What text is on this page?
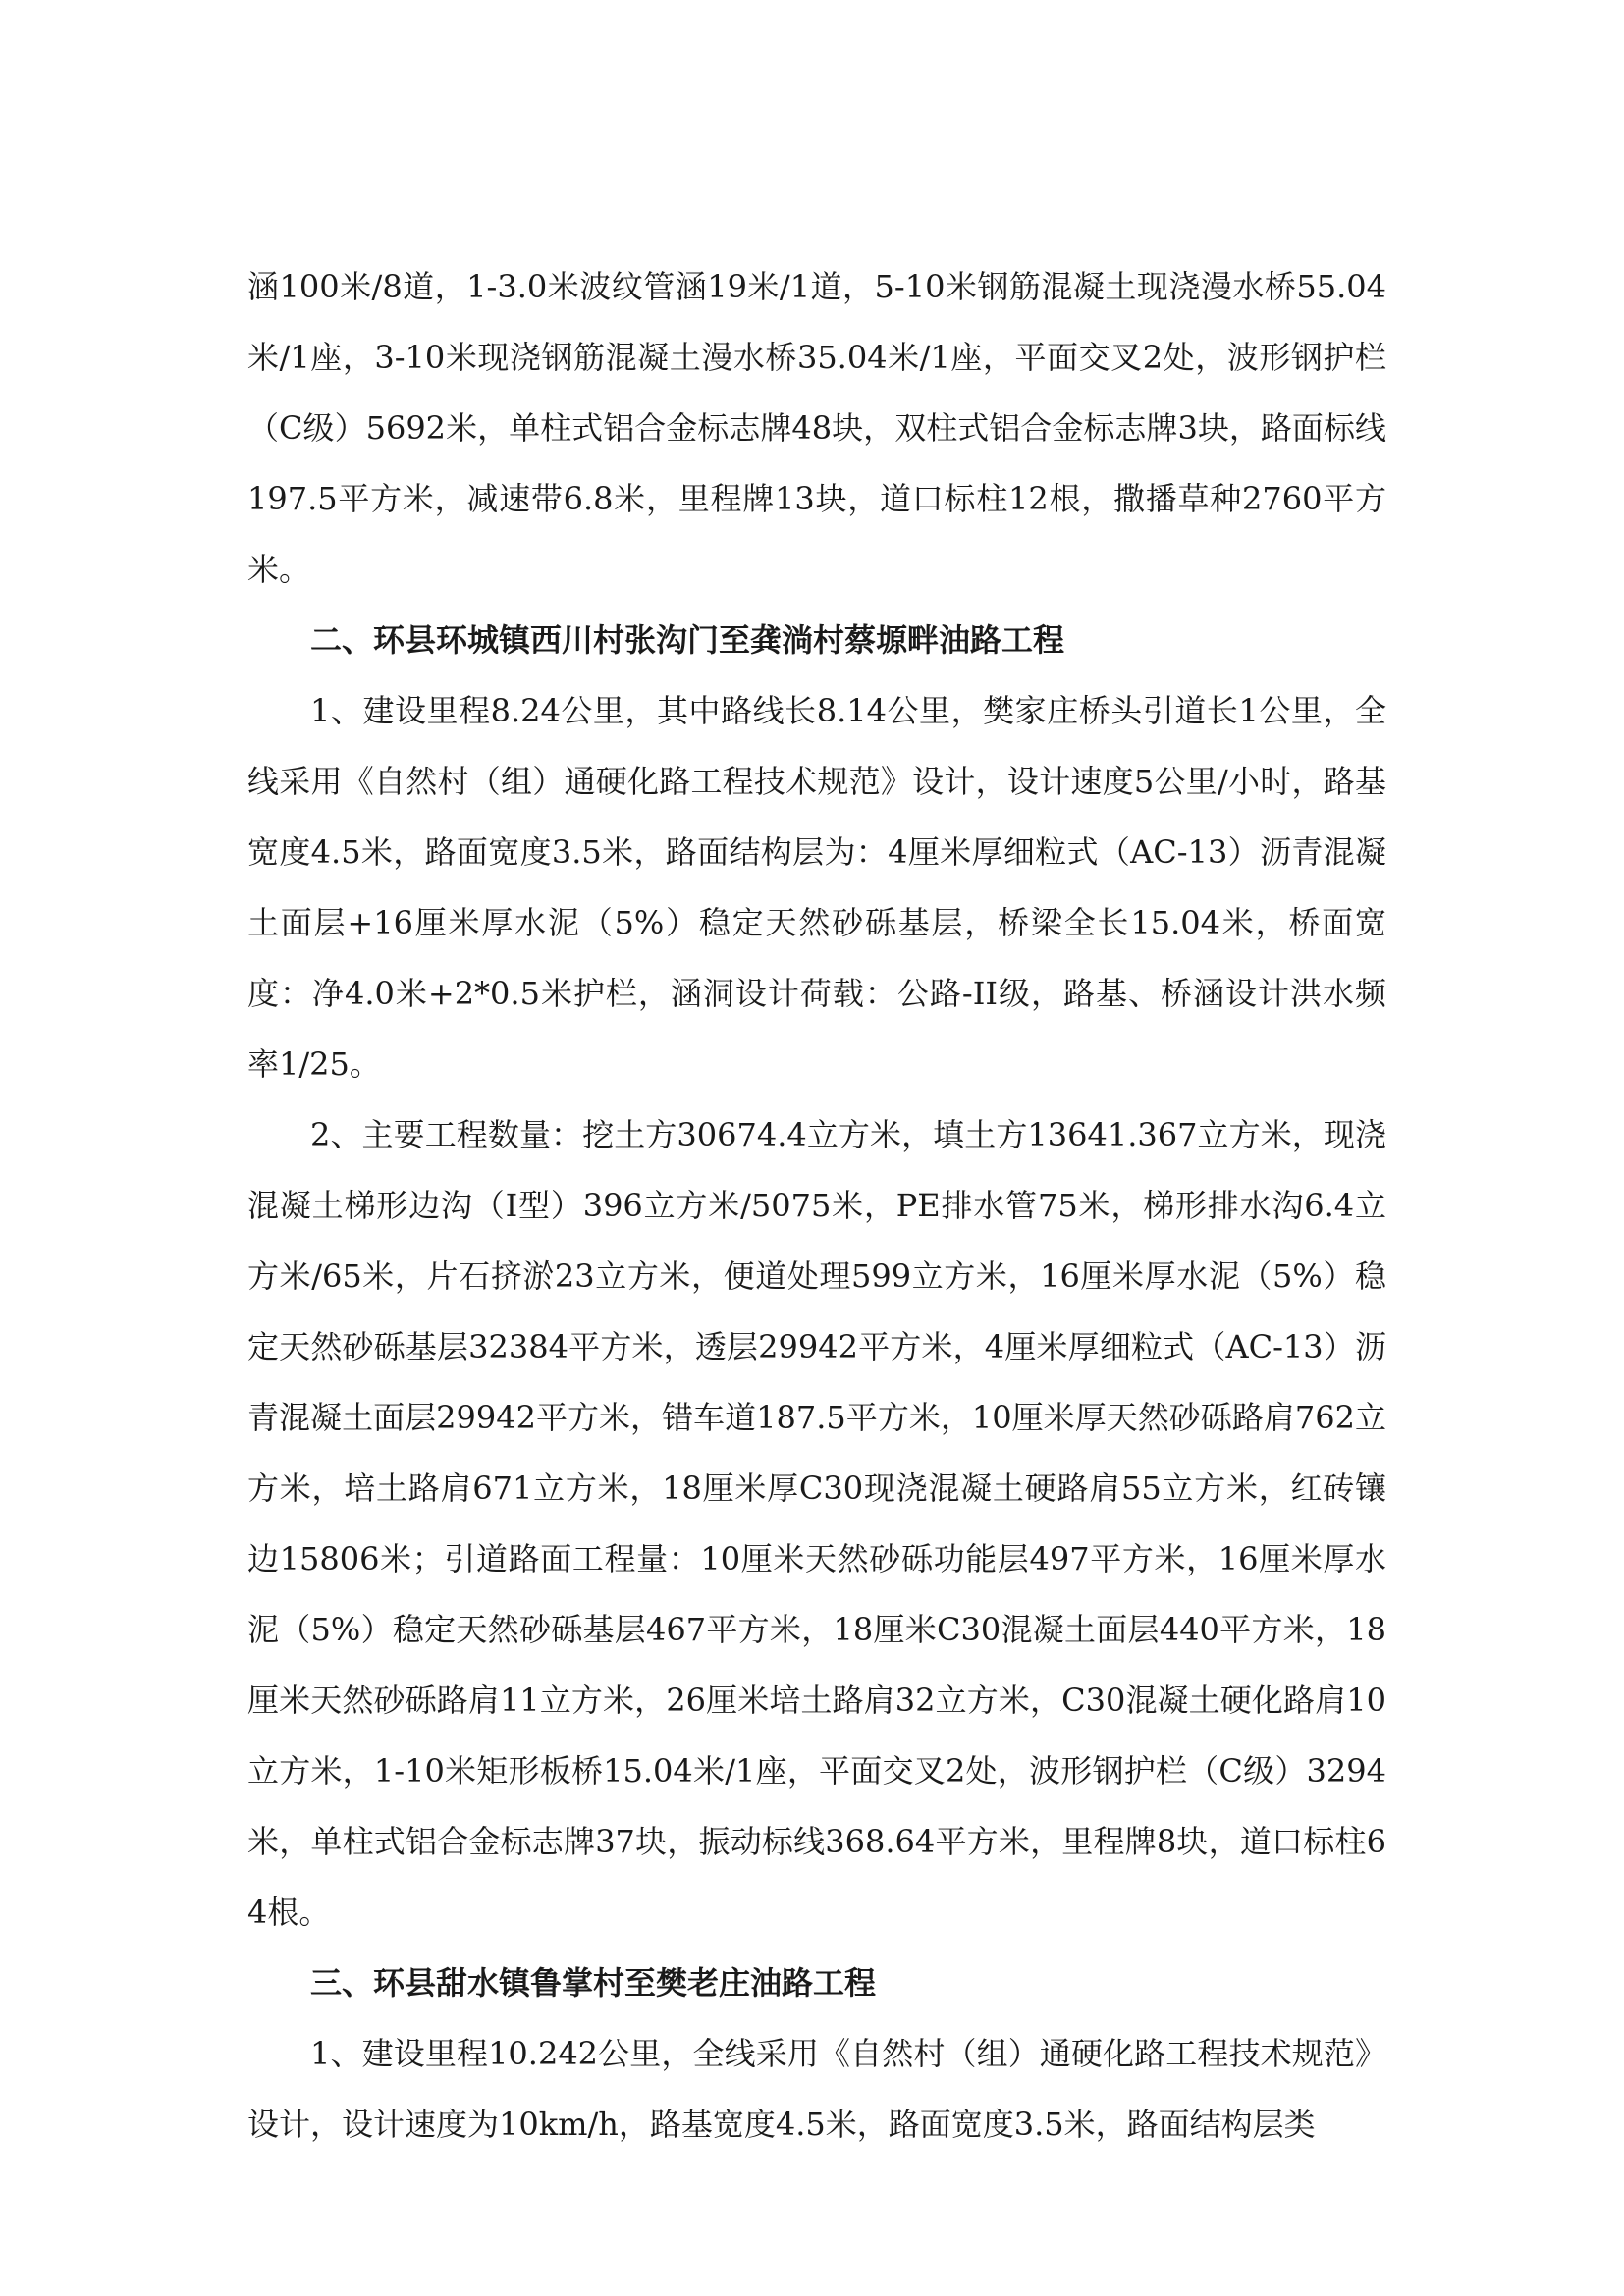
涵100米/8道，1-3.0米波纹管涵19米/1道，5-10米钢筋混凝土现浇漫水桥55.04米/1座，3-10米现浇钢筋混凝土漫水桥35.04米/1座，平面交叉2处，波形钢护栏（C级）5692米，单柱式铝合金标志牌48块，双柱式铝合金标志牌3块，路面标线197.5平方米，减速带6.8米，里程牌13块，道口标柱12根，撒播草种2760平方米。

二、环县环城镇西川村张沟门至龚淌村蔡塬畔油路工程

1、建设里程8.24公里，其中路线长8.14公里，樊家庄桥头引道长1公里，全线采用《自然村（组）通硬化路工程技术规范》设计，设计速度5公里/小时，路基宽度4.5米，路面宽度3.5米，路面结构层为：4厘米厚细粒式（AC-13）沥青混凝土面层+16厘米厚水泥（5%）稳定天然砂砾基层，桥梁全长15.04米，桥面宽度：净4.0米+2*0.5米护栏，涵洞设计荷载：公路-II级，路基、桥涵设计洪水频率1/25。

2、主要工程数量：挖土方30674.4立方米，填土方13641.367立方米，现浇混凝土梯形边沟（Ⅰ型）396立方米/5075米，PE排水管75米，梯形排水沟6.4立方米/65米，片石挤淤23立方米，便道处理599立方米，16厘米厚水泥（5%）稳定天然砂砾基层32384平方米，透层29942平方米，4厘米厚细粒式（AC-13）沥青混凝土面层29942平方米，错车道187.5平方米，10厘米厚天然砂砾路肩762立方米，培土路肩671立方米，18厘米厚C30现浇混凝土硬路肩55立方米，红砖镶边15806米；引道路面工程量：10厘米天然砂砾功能层497平方米，16厘米厚水泥（5%）稳定天然砂砾基层467平方米，18厘米C30混凝土面层440平方米，18厘米天然砂砾路肩11立方米，26厘米培土路肩32立方米，C30混凝土硬化路肩10立方米，1-10米矩形板桥15.04米/1座，平面交叉2处，波形钢护栏（C级）3294米，单柱式铝合金标志牌37块，振动标线368.64平方米，里程牌8块，道口标柱64根。

三、环县甜水镇鲁掌村至樊老庄油路工程

1、建设里程10.242公里，全线采用《自然村（组）通硬化路工程技术规范》设计，设计速度为10km/h，路基宽度4.5米，路面宽度3.5米，路面结构层类
